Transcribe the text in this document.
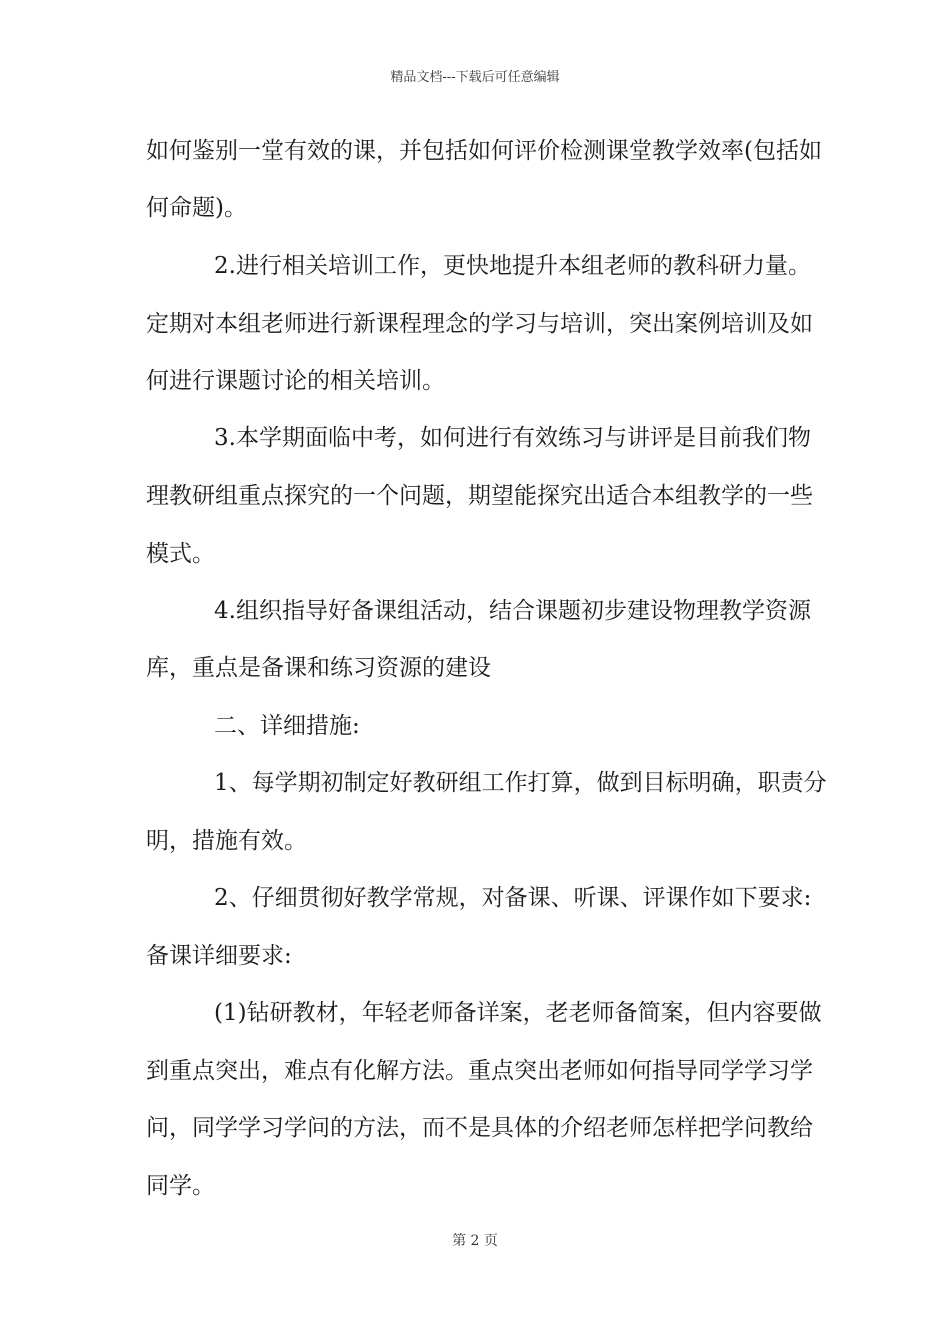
精品文档---下载后可任意编辑
如何鉴别一堂有效的课，并包括如何评价检测课堂教学效率(包括如
何命题)。
2.进行相关培训工作，更快地提升本组老师的教科研力量。
定期对本组老师进行新课程理念的学习与培训，突出案例培训及如
何进行课题讨论的相关培训。
3.本学期面临中考，如何进行有效练习与讲评是目前我们物
理教研组重点探究的一个问题，期望能探究出适合本组教学的一些
模式。
4.组织指导好备课组活动，结合课题初步建设物理教学资源
库，重点是备课和练习资源的建设
二、详细措施:
1、每学期初制定好教研组工作打算，做到目标明确，职责分
明，措施有效。
2、仔细贯彻好教学常规，对备课、听课、评课作如下要求:
备课详细要求:
(1)钻研教材，年轻老师备详案，老老师备简案，但内容要做
到重点突出，难点有化解方法。重点突出老师如何指导同学学习学
问，同学学习学问的方法，而不是具体的介绍老师怎样把学问教给
同学。
第 2 页
